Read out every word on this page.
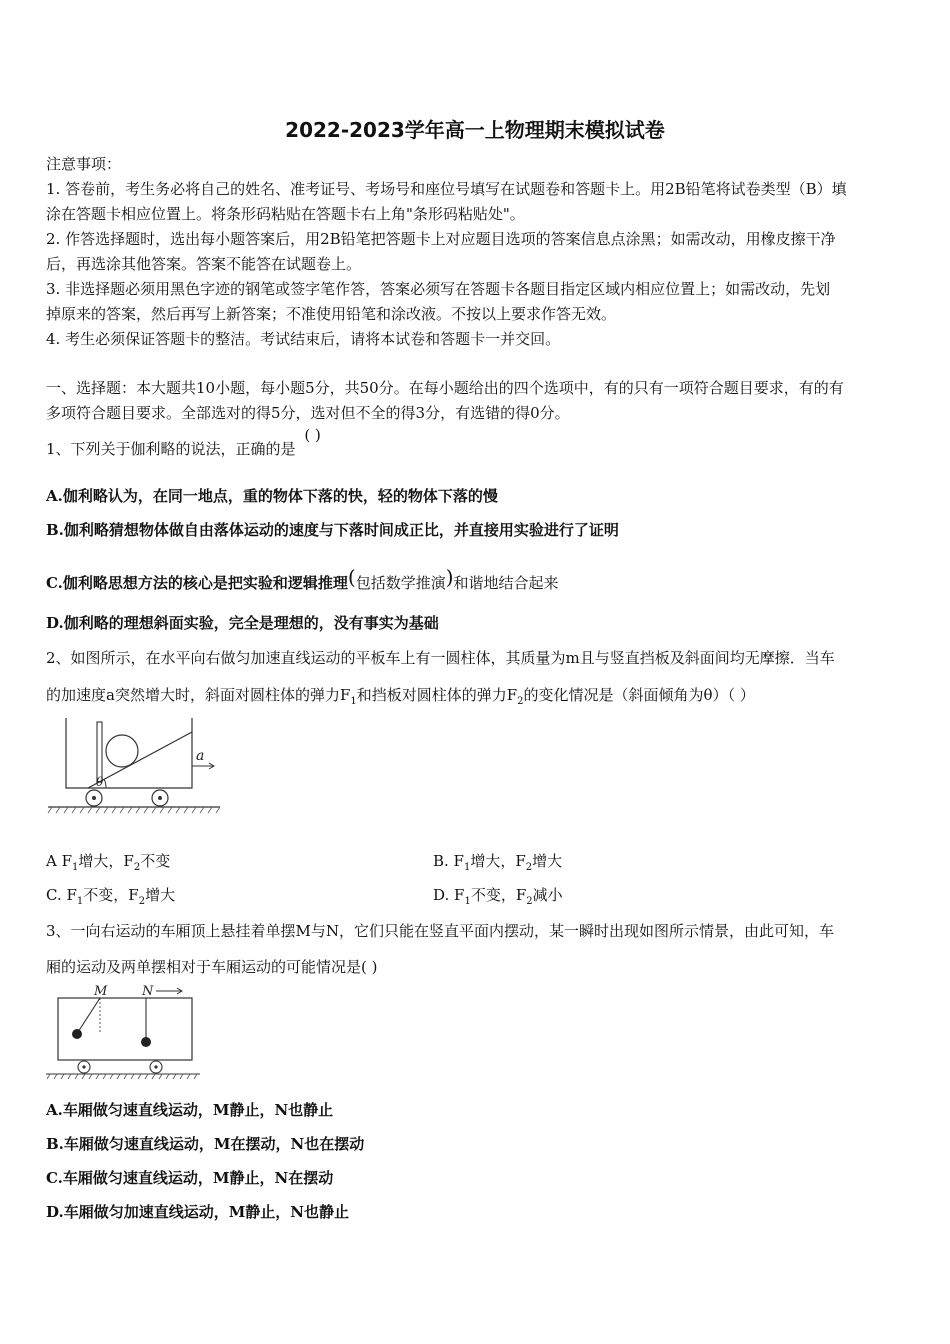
2022-2023学年高一上物理期末模拟试卷
注意事项：
1. 答卷前，考生务必将自己的姓名、准考证号、考场号和座位号填写在试题卷和答题卡上。用2B铅笔将试卷类型（B）填
涂在答题卡相应位置上。将条形码粘贴在答题卡右上角"条形码粘贴处"。
2. 作答选择题时，选出每小题答案后，用2B铅笔把答题卡上对应题目选项的答案信息点涂黑；如需改动，用橡皮擦干净
后，再选涂其他答案。答案不能答在试题卷上。
3. 非选择题必须用黑色字迹的钢笔或签字笔作答，答案必须写在答题卡各题目指定区域内相应位置上；如需改动，先划
掉原来的答案，然后再写上新答案；不准使用铅笔和涂改液。不按以上要求作答无效。
4. 考生必须保证答题卡的整洁。考试结束后，请将本试卷和答题卡一并交回。
一、选择题：本大题共10小题，每小题5分，共50分。在每小题给出的四个选项中，有的只有一项符合题目要求，有的有
多项符合题目要求。全部选对的得5分，选对但不全的得3分，有选错的得0分。
1、下列关于伽利略的说法，正确的是 ( )
A.伽利略认为，在同一地点，重的物体下落的快，轻的物体下落的慢
B.伽利略猜想物体做自由落体运动的速度与下落时间成正比，并直接用实验进行了证明
C.伽利略思想方法的核心是把实验和逻辑推理(包括数学推演)和谐地结合起来
D.伽利略的理想斜面实验，完全是理想的，没有事实为基础
2、如图所示，在水平向右做匀加速直线运动的平板车上有一圆柱体，其质量为m且与竖直挡板及斜面间均无摩擦．当车
的加速度a突然增大时，斜面对圆柱体的弹力$F_1$和挡板对圆柱体的弹力$F_2$的变化情况是（斜面倾角为θ）（ ）
θ
a
A $F_1$增大，$F_2$不变	B. $F_1$增大，$F_2$增大
C. $F_1$不变，$F_2$增大	D. $F_1$不变，$F_2$减小
3、一向右运动的车厢顶上悬挂着单摆M与N，它们只能在竖直平面内摆动，某一瞬时出现如图所示情景，由此可知，车
厢的运动及两单摆相对于车厢运动的可能情况是( )
M	N
A.车厢做匀速直线运动，M静止，N也静止
B.车厢做匀速直线运动，M在摆动，N也在摆动
C.车厢做匀速直线运动，M静止，N在摆动
D.车厢做匀加速直线运动，M静止，N也静止
